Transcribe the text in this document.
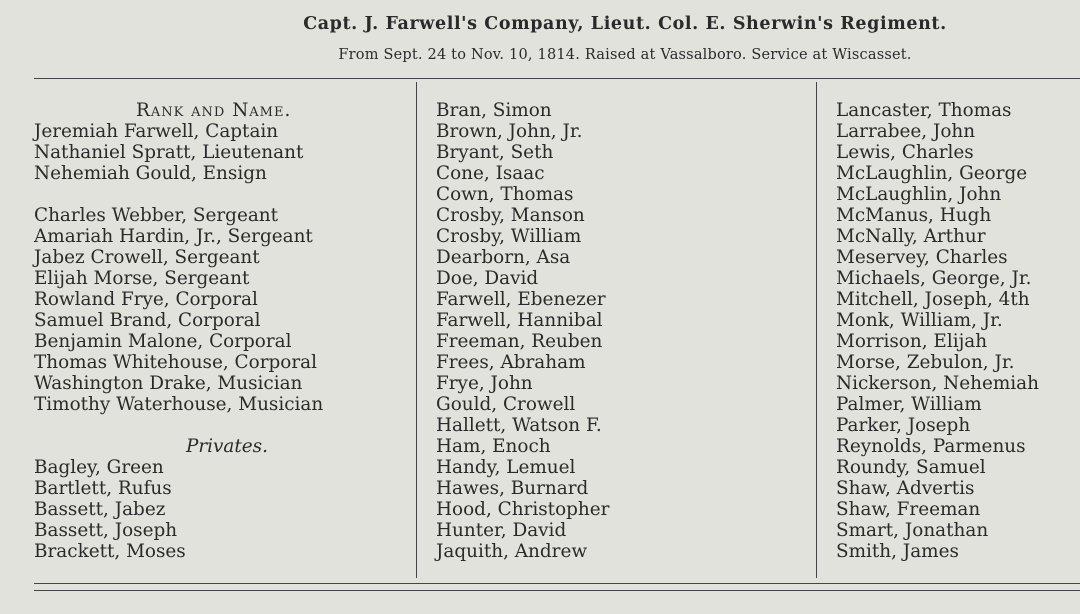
Capt. J. Farwell's Company, Lieut. Col. E. Sherwin's Regiment.
From Sept. 24 to Nov. 10, 1814. Raised at Vassalboro. Service at Wiscasset.
Rank and Name.
Jeremiah Farwell, Captain
Nathaniel Spratt, Lieutenant
Nehemiah Gould, Ensign
Charles Webber, Sergeant
Amariah Hardin, Jr., Sergeant
Jabez Crowell, Sergeant
Elijah Morse, Sergeant
Rowland Frye, Corporal
Samuel Brand, Corporal
Benjamin Malone, Corporal
Thomas Whitehouse, Corporal
Washington Drake, Musician
Timothy Waterhouse, Musician
Privates.
Bagley, Green
Bartlett, Rufus
Bassett, Jabez
Bassett, Joseph
Brackett, Moses
Bran, Simon
Brown, John, Jr.
Bryant, Seth
Cone, Isaac
Cown, Thomas
Crosby, Manson
Crosby, William
Dearborn, Asa
Doe, David
Farwell, Ebenezer
Farwell, Hannibal
Freeman, Reuben
Frees, Abraham
Frye, John
Gould, Crowell
Hallett, Watson F.
Ham, Enoch
Handy, Lemuel
Hawes, Burnard
Hood, Christopher
Hunter, David
Jaquith, Andrew
Lancaster, Thomas
Larrabee, John
Lewis, Charles
McLaughlin, George
McLaughlin, John
McManus, Hugh
McNally, Arthur
Meservey, Charles
Michaels, George, Jr.
Mitchell, Joseph, 4th
Monk, William, Jr.
Morrison, Elijah
Morse, Zebulon, Jr.
Nickerson, Nehemiah
Palmer, William
Parker, Joseph
Reynolds, Parmenus
Roundy, Samuel
Shaw, Advertis
Shaw, Freeman
Smart, Jonathan
Smith, James
